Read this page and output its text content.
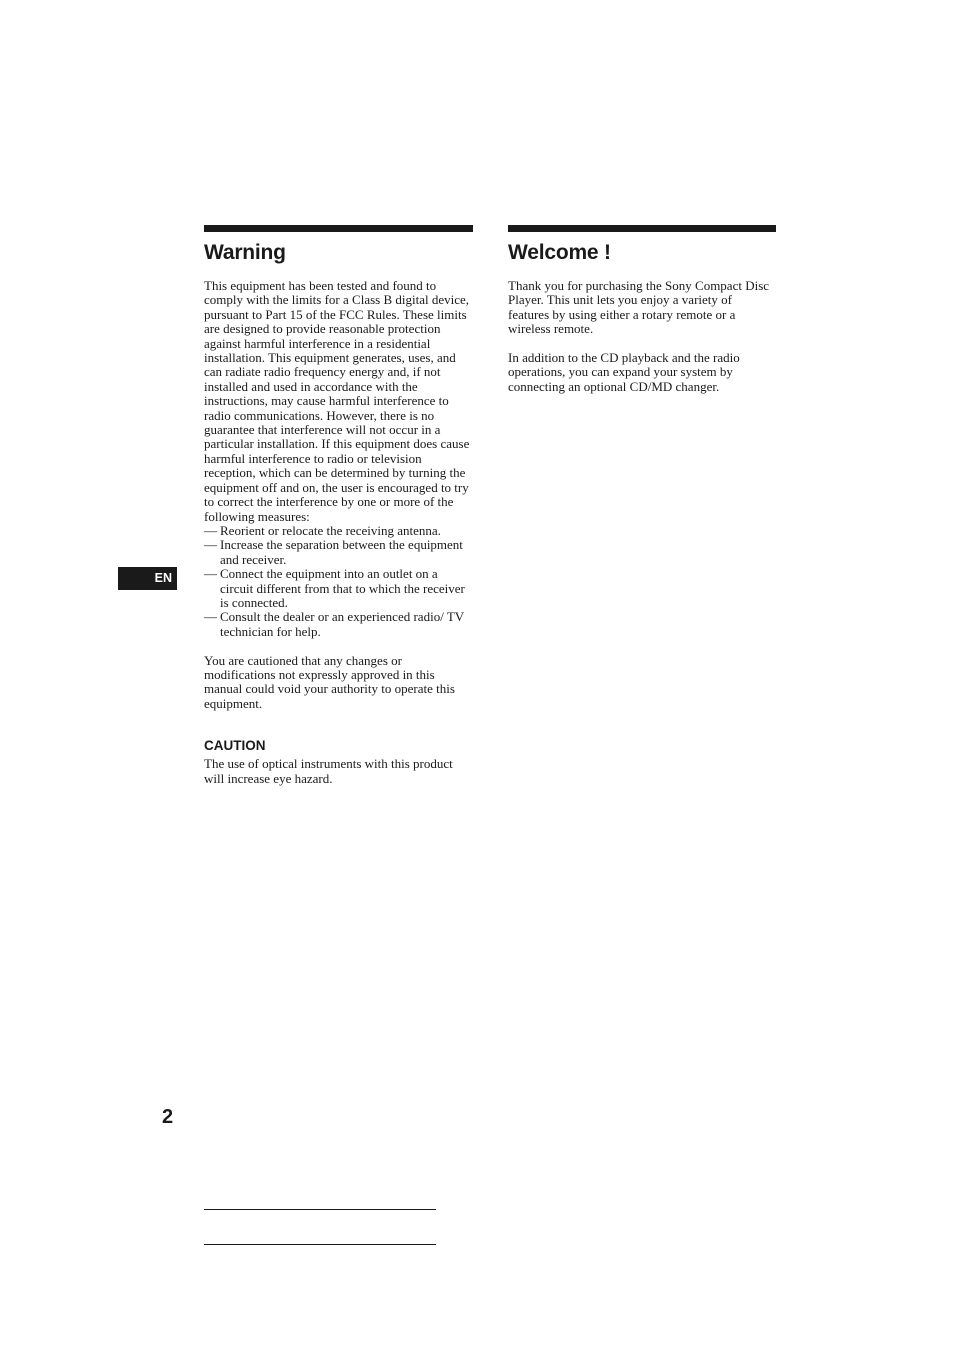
Warning

This equipment has been tested and found to comply with the limits for a Class B digital device, pursuant to Part 15 of the FCC Rules. These limits are designed to provide reasonable protection against harmful interference in a residential installation. This equipment generates, uses, and can radiate radio frequency energy and, if not installed and used in accordance with the instructions, may cause harmful interference to radio communications. However, there is no guarantee that interference will not occur in a particular installation. If this equipment does cause harmful interference to radio or television reception, which can be determined by turning the equipment off and on, the user is encouraged to try to correct the interference by one or more of the following measures:

— Reorient or relocate the receiving antenna.
— Increase the separation between the equipment and receiver.
— Connect the equipment into an outlet on a circuit different from that to which the receiver is connected.
— Consult the dealer or an experienced radio/ TV technician for help.

You are cautioned that any changes or modifications not expressly approved in this manual could void your authority to operate this equipment.

CAUTION

The use of optical instruments with this product will increase eye hazard.

Welcome !

Thank you for purchasing the Sony Compact Disc Player. This unit lets you enjoy a variety of features by using either a rotary remote or a wireless remote.

In addition to the CD playback and the radio operations, you can expand your system by connecting an optional CD/MD changer.

EN
2
